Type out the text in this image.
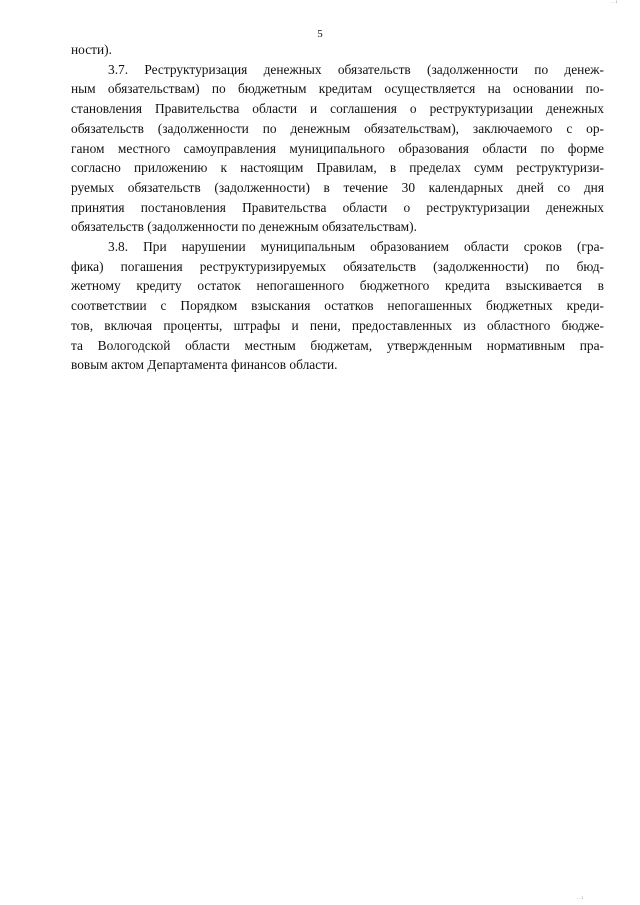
..ı
5
ности).
3.7. Реструктуризация денежных обязательств (задолженности по денеж-
ным обязательствам) по бюджетным кредитам осуществляется на основании по-
становления Правительства области и соглашения о реструктуризации денежных
обязательств (задолженности по денежным обязательствам), заключаемого с ор-
ганом местного самоуправления муниципального образования области по форме
согласно приложению к настоящим Правилам, в пределах сумм реструктуризи-
руемых обязательств (задолженности) в течение 30 календарных дней со дня
принятия постановления Правительства области о реструктуризации денежных
обязательств (задолженности по денежным обязательствам).
3.8. При нарушении муниципальным образованием области сроков (гра-
фика) погашения реструктуризируемых обязательств (задолженности) по бюд-
жетному кредиту остаток непогашенного бюджетного кредита взыскивается в
соответствии с Порядком взыскания остатков непогашенных бюджетных креди-
тов, включая проценты, штрафы и пени, предоставленных из областного бюдже-
та Вологодской области местным бюджетам, утвержденным нормативным пра-
вовым актом Департамента финансов области.
..ı
